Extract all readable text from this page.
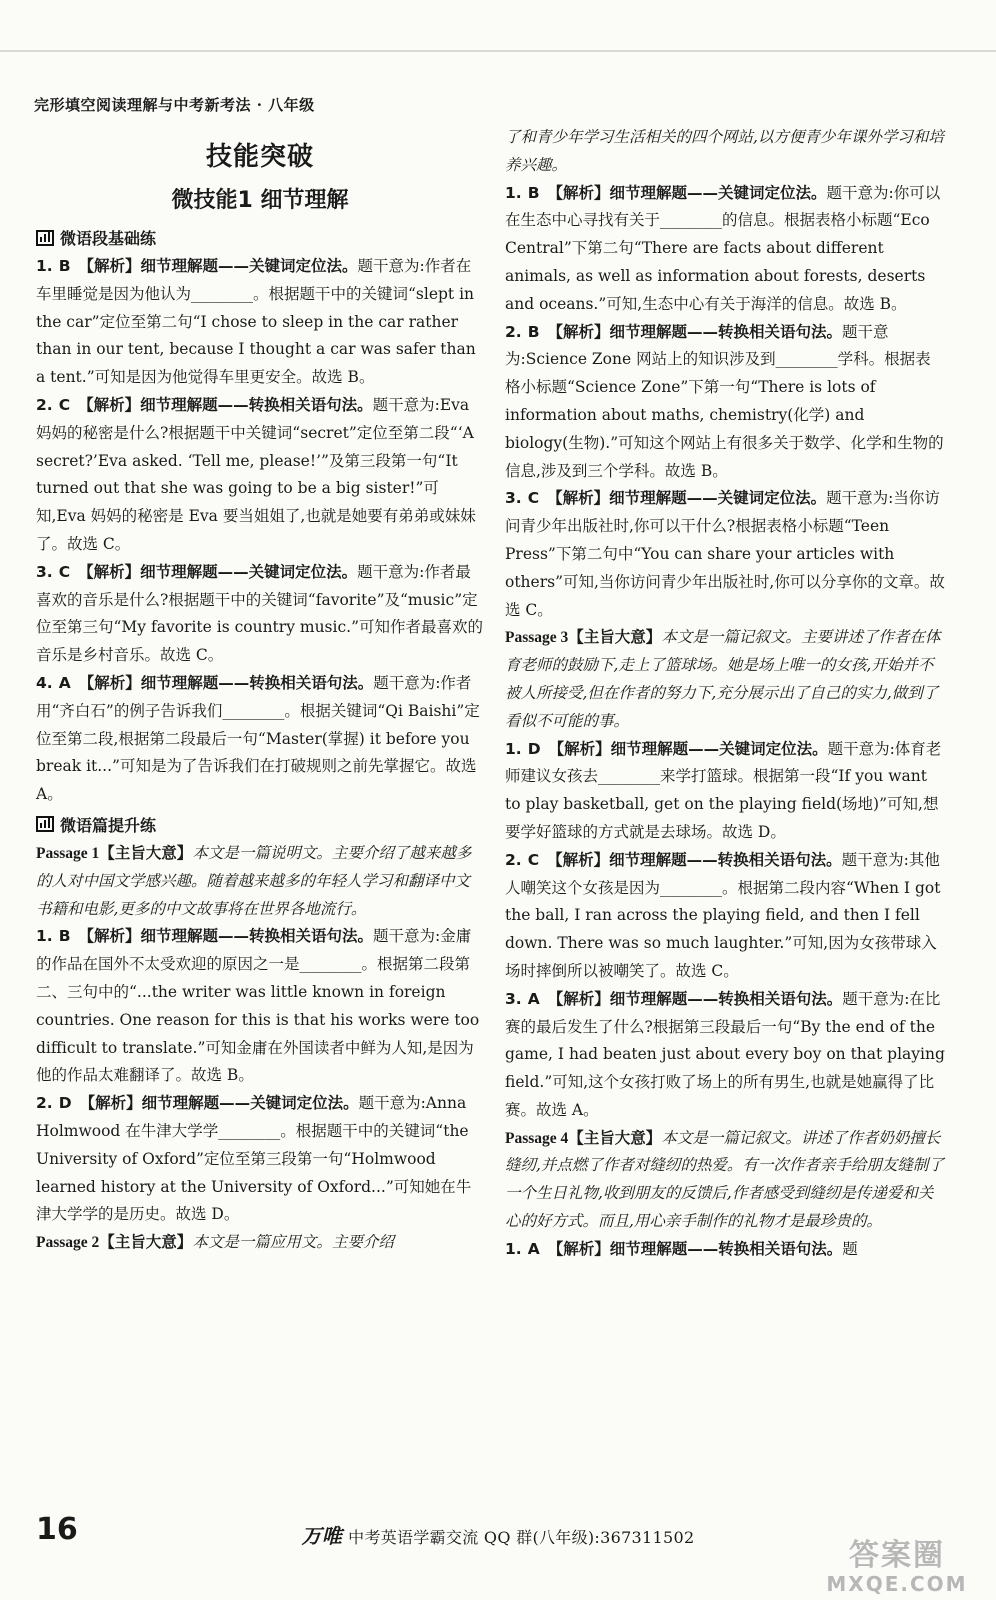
完形填空阅读理解与中考新考法 · 八年级
技能突破
微技能1 细节理解
微语段基础练

1. B 【解析】细节理解题——关键词定位法。题干意为:作者在车里睡觉是因为他认为________。根据题干中的关键词“slept in the car”定位至第二句“I chose to sleep in the car rather than in our tent, because I thought a car was safer than a tent.”可知是因为他觉得车里更安全。故选 B。

2. C 【解析】细节理解题——转换相关语句法。题干意为:Eva 妈妈的秘密是什么?根据题干中关键词“secret”定位至第二段“‘A secret?’Eva asked. ‘Tell me, please!’”及第三段第一句“It turned out that she was going to be a big sister!”可知,Eva 妈妈的秘密是 Eva 要当姐姐了,也就是她要有弟弟或妹妹了。故选 C。

3. C 【解析】细节理解题——关键词定位法。题干意为:作者最喜欢的音乐是什么?根据题干中的关键词“favorite”及“music”定位至第三句“My favorite is country music.”可知作者最喜欢的音乐是乡村音乐。故选 C。

4. A 【解析】细节理解题——转换相关语句法。题干意为:作者用“齐白石”的例子告诉我们________。根据关键词“Qi Baishi”定位至第二段,根据第二段最后一句“Master(掌握) it before you break it...”可知是为了告诉我们在打破规则之前先掌握它。故选 A。

微语篇提升练

Passage 1【主旨大意】本文是一篇说明文。主要介绍了越来越多的人对中国文学感兴趣。随着越来越多的年轻人学习和翻译中文书籍和电影,更多的中文故事将在世界各地流行。

1. B 【解析】细节理解题——转换相关语句法。题干意为:金庸的作品在国外不太受欢迎的原因之一是________。根据第二段第二、三句中的“...the writer was little known in foreign countries. One reason for this is that his works were too difficult to translate.”可知金庸在外国读者中鲜为人知,是因为他的作品太难翻译了。故选 B。

2. D 【解析】细节理解题——关键词定位法。题干意为:Anna Holmwood 在牛津大学学________。根据题干中的关键词“the University of Oxford”定位至第三段第一句“Holmwood learned history at the University of Oxford...”可知她在牛津大学学的是历史。故选 D。

Passage 2【主旨大意】本文是一篇应用文。主要介绍

了和青少年学习生活相关的四个网站,以方便青少年课外学习和培养兴趣。

1. B 【解析】细节理解题——关键词定位法。题干意为:你可以在生态中心寻找有关于________的信息。根据表格小标题“Eco Central”下第二句“There are facts about different animals, as well as information about forests, deserts and oceans.”可知,生态中心有关于海洋的信息。故选 B。

2. B 【解析】细节理解题——转换相关语句法。题干意为:Science Zone 网站上的知识涉及到________学科。根据表格小标题“Science Zone”下第一句“There is lots of information about maths, chemistry(化学) and biology(生物).”可知这个网站上有很多关于数学、化学和生物的信息,涉及到三个学科。故选 B。

3. C 【解析】细节理解题——关键词定位法。题干意为:当你访问青少年出版社时,你可以干什么?根据表格小标题“Teen Press”下第二句中“You can share your articles with others”可知,当你访问青少年出版社时,你可以分享你的文章。故选 C。

Passage 3【主旨大意】本文是一篇记叙文。主要讲述了作者在体育老师的鼓励下,走上了篮球场。她是场上唯一的女孩,开始并不被人所接受,但在作者的努力下,充分展示出了自己的实力,做到了看似不可能的事。

1. D 【解析】细节理解题——关键词定位法。题干意为:体育老师建议女孩去________来学打篮球。根据第一段“If you want to play basketball, get on the playing field(场地)”可知,想要学好篮球的方式就是去球场。故选 D。

2. C 【解析】细节理解题——转换相关语句法。题干意为:其他人嘲笑这个女孩是因为________。根据第二段内容“When I got the ball, I ran across the playing field, and then I fell down. There was so much laughter.”可知,因为女孩带球入场时摔倒所以被嘲笑了。故选 C。

3. A 【解析】细节理解题——转换相关语句法。题干意为:在比赛的最后发生了什么?根据第三段最后一句“By the end of the game, I had beaten just about every boy on that playing field.”可知,这个女孩打败了场上的所有男生,也就是她赢得了比赛。故选 A。

Passage 4【主旨大意】本文是一篇记叙文。讲述了作者奶奶擅长缝纫,并点燃了作者对缝纫的热爱。有一次作者亲手给朋友缝制了一个生日礼物,收到朋友的反馈后,作者感受到缝纫是传递爱和关心的好方式。而且,用心亲手制作的礼物才是最珍贵的。

1. A 【解析】细节理解题——转换相关语句法。题

16	万唯 中考英语学霸交流 QQ 群(八年级):367311502
答案圈
MXQE.COM
